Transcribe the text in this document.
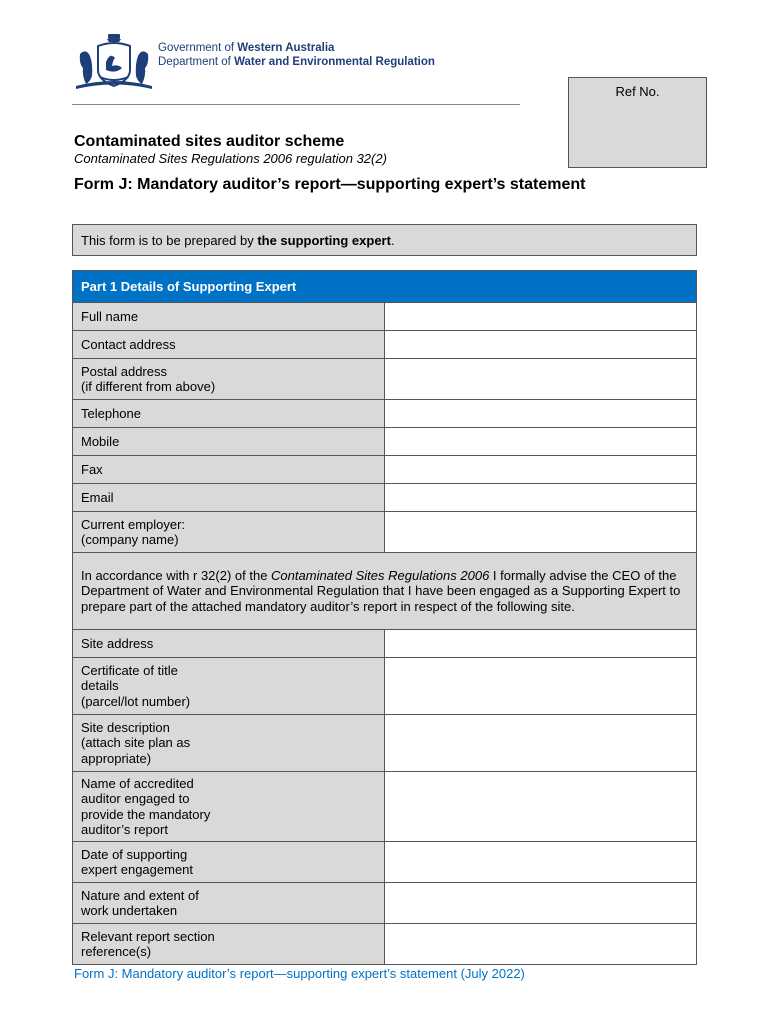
Government of Western Australia
Department of Water and Environmental Regulation
Ref No.
Contaminated sites auditor scheme
Contaminated Sites Regulations 2006 regulation 32(2)
Form J: Mandatory auditor’s report—supporting expert’s statement
This form is to be prepared by the supporting expert.
Part 1 Details of Supporting Expert	
Full name	
Contact address	
Postal address
(if different from above)	
Telephone	
Mobile	
Fax	
Email	
Current employer:
(company name)	
In accordance with r 32(2) of the Contaminated Sites Regulations 2006 I formally advise the CEO of the Department of Water and Environmental Regulation that I have been engaged as a Supporting Expert to prepare part of the attached mandatory auditor’s report in respect of the following site.	
Site address	
Certificate of title
details
(parcel/lot number)	
Site description
(attach site plan as
appropriate)	
Name of accredited
auditor engaged to
provide the mandatory
auditor’s report	
Date of supporting
expert engagement	
Nature and extent of
work undertaken	
Relevant report section
reference(s)	
Form J: Mandatory auditor’s report—supporting expert’s statement (July 2022)
